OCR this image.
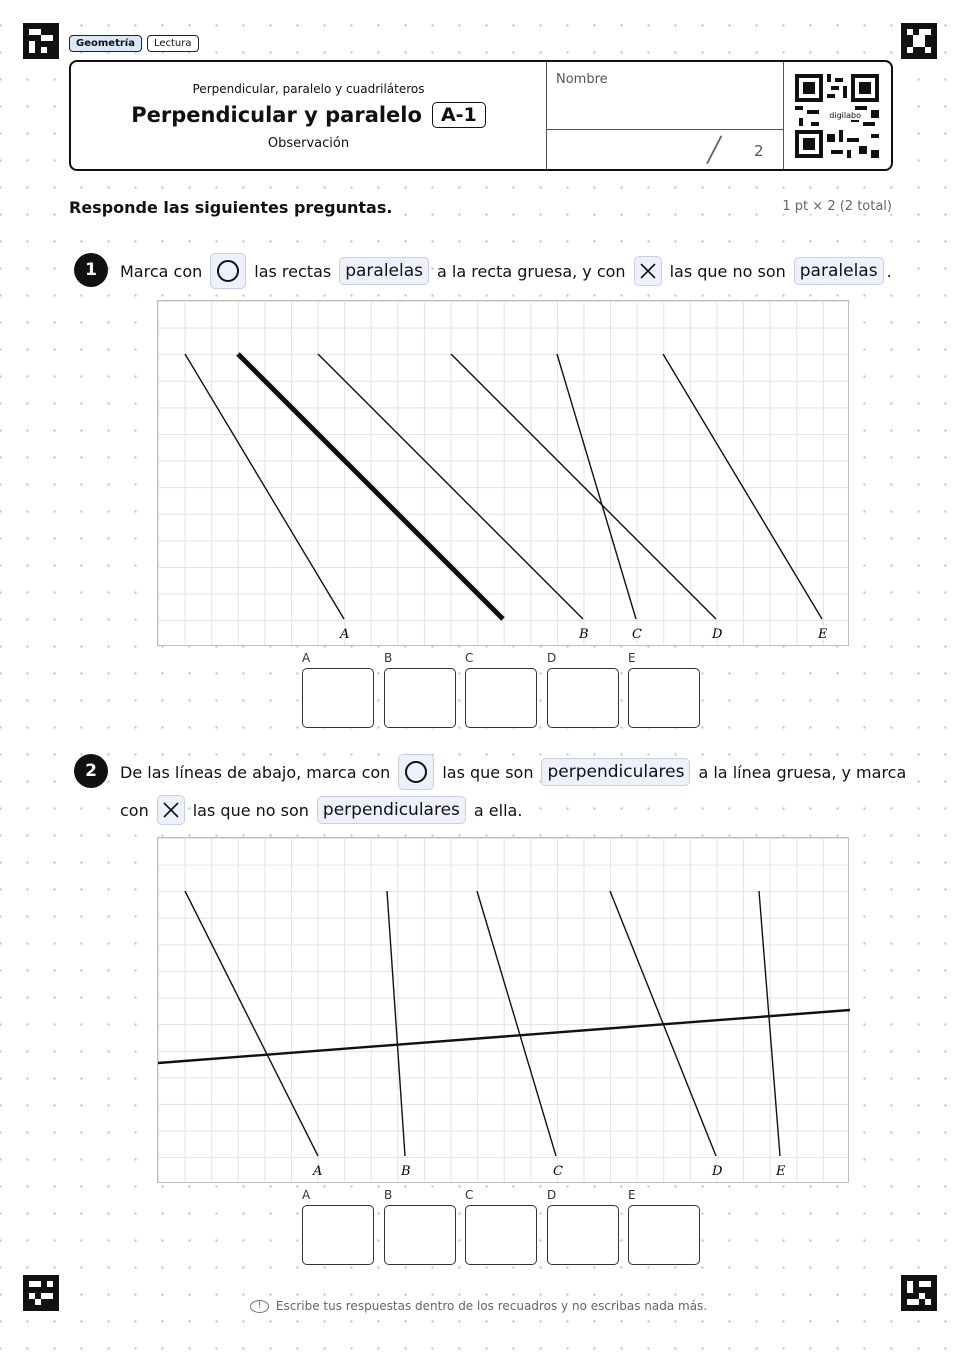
Geometría	Lectura
Perpendicular, paralelo y cuadriláteros
Perpendicular y paralelo	A-1
Observación
Nombre
╱ 2
digilabo
Responde las siguientes preguntas.	1 pt × 2 (2 total)
1	Marca con	las rectas paralelas a la recta gruesa, y con	las que no son paralelas .
A	B	C	D	E
A	B	C	D	E
2	De las líneas de abajo, marca con	las que son perpendiculares a la línea gruesa, y marca
con	las que no son perpendiculares a ella.
A	B	C	D	E
A	B	C	D	E
! Escribe tus respuestas dentro de los recuadros y no escribas nada más.
